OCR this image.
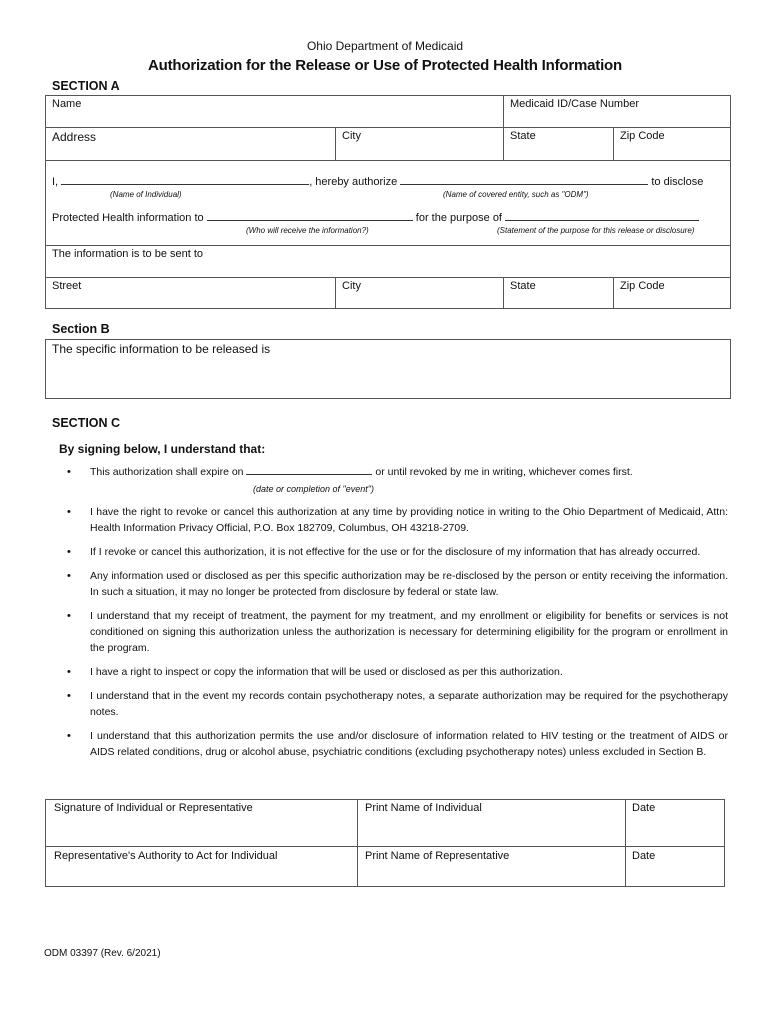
Ohio Department of Medicaid
Authorization for the Release or Use of Protected Health Information
SECTION A
Name	Medicaid ID/Case Number
Address	City	State	Zip Code
I,	, hereby authorize	to disclose
(Name of Individual)	(Name of covered entity, such as "ODM")
Protected Health information to	for the purpose of
(Who will receive the information?)	(Statement of the purpose for this release or disclosure)
The information is to be sent to
Street	City	State	Zip Code
Section B
The specific information to be released is
SECTION C
By signing below, I understand that:
• This authorization shall expire on	or until revoked by me in writing, whichever comes first.
(date or completion of "event")
• I have the right to revoke or cancel this authorization at any time by providing notice in writing to the Ohio Department of Medicaid, Attn: Health Information Privacy Official, P.O. Box 182709, Columbus, OH 43218-2709.
• If I revoke or cancel this authorization, it is not effective for the use or for the disclosure of my information that has already occurred.
• Any information used or disclosed as per this specific authorization may be re-disclosed by the person or entity receiving the information. In such a situation, it may no longer be protected from disclosure by federal or state law.
• I understand that my receipt of treatment, the payment for my treatment, and my enrollment or eligibility for benefits or services is not conditioned on signing this authorization unless the authorization is necessary for determining eligibility for the program or enrollment in the program.
• I have a right to inspect or copy the information that will be used or disclosed as per this authorization.
• I understand that in the event my records contain psychotherapy notes, a separate authorization may be required for the psychotherapy notes.
• I understand that this authorization permits the use and/or disclosure of information related to HIV testing or the treatment of AIDS or AIDS related conditions, drug or alcohol abuse, psychiatric conditions (excluding psychotherapy notes) unless excluded in Section B.
Signature of Individual or Representative	Print Name of Individual	Date
Representative's Authority to Act for Individual	Print Name of Representative	Date
ODM 03397 (Rev. 6/2021)
